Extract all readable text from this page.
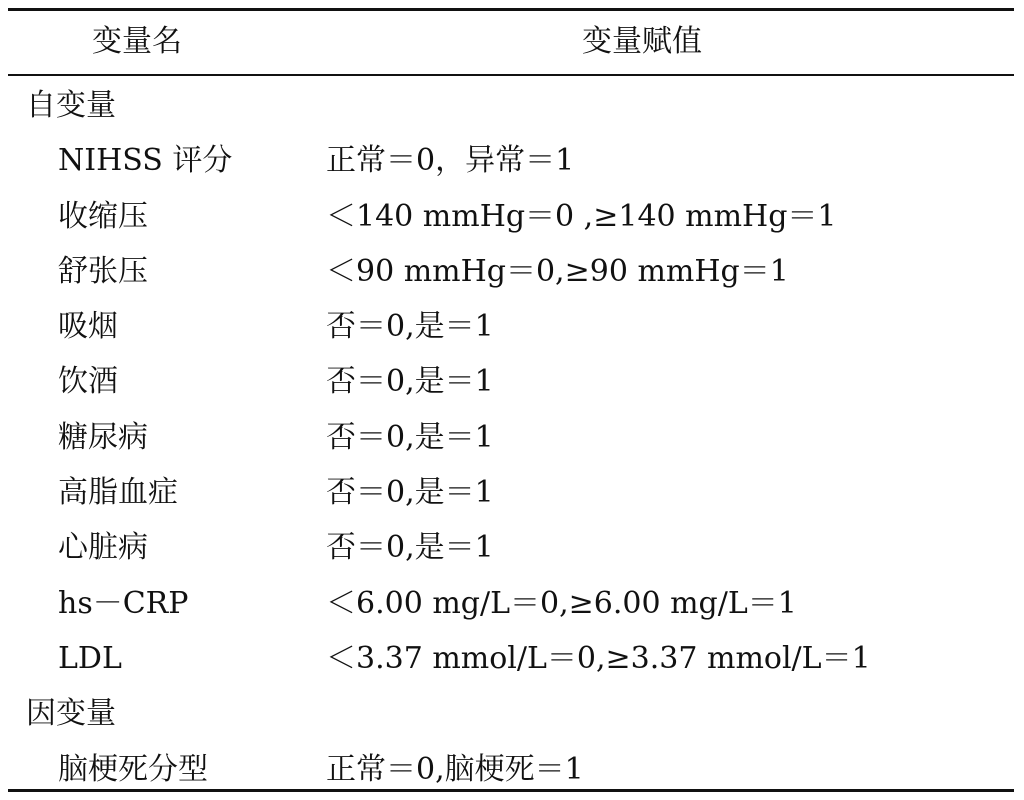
变量名	变量赋值
自变量
NIHSS 评分	正常＝0，异常＝1
收缩压	＜140 mmHg＝0 ,≥140 mmHg＝1
舒张压	＜90 mmHg＝0,≥90 mmHg＝1
吸烟	否＝0,是＝1
饮酒	否＝0,是＝1
糖尿病	否＝0,是＝1
高脂血症	否＝0,是＝1
心脏病	否＝0,是＝1
hs－CRP	＜6.00 mg/L＝0,≥6.00 mg/L＝1
LDL	＜3.37 mmol/L＝0,≥3.37 mmol/L＝1
因变量
脑梗死分型	正常＝0,脑梗死＝1
